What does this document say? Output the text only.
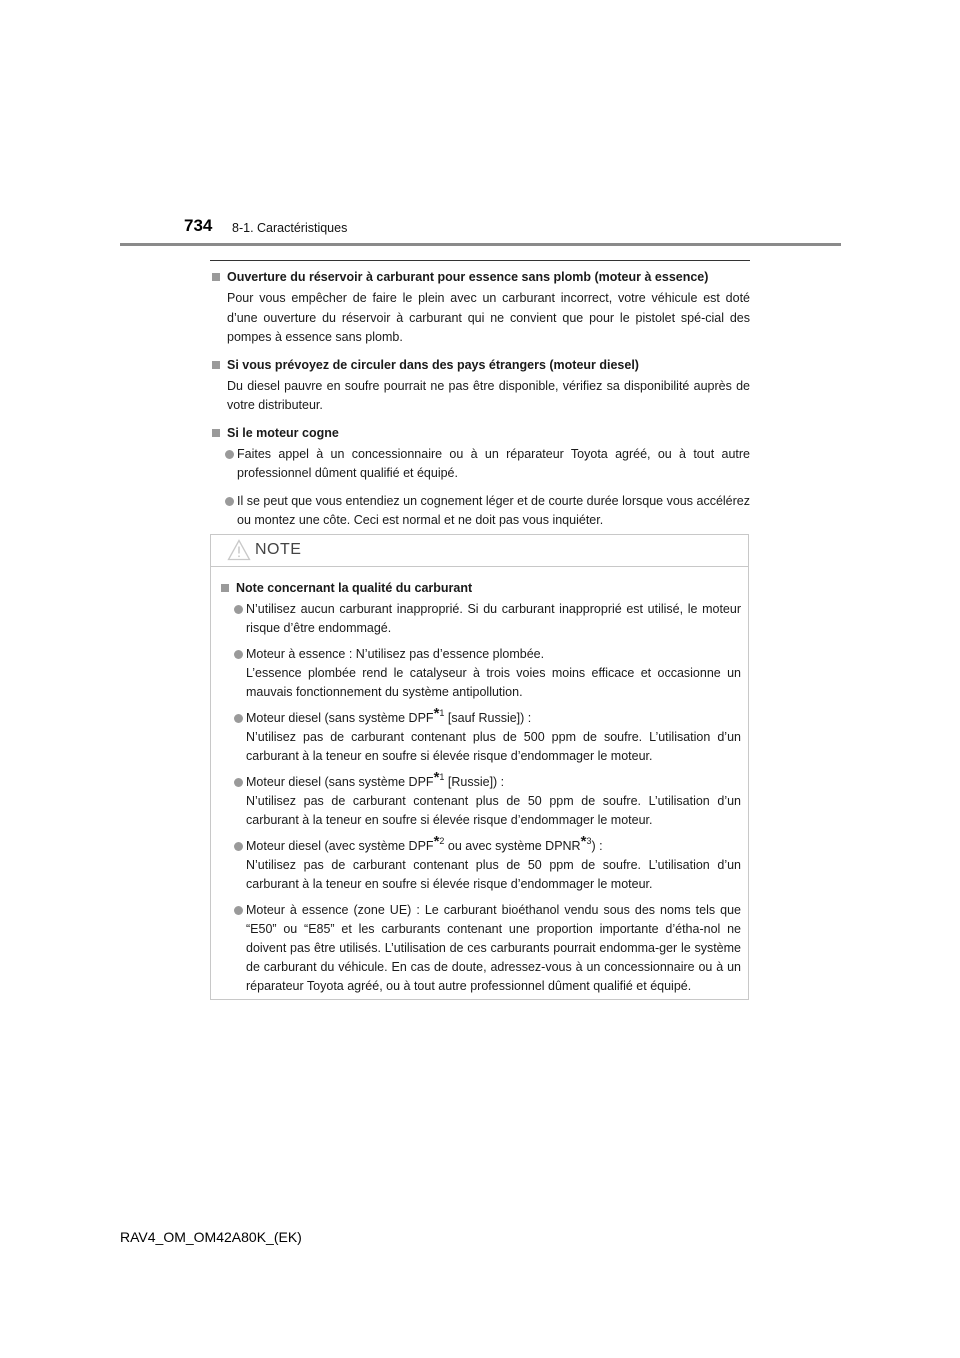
734 8-1. Caractéristiques
Ouverture du réservoir à carburant pour essence sans plomb (moteur à essence)
Pour vous empêcher de faire le plein avec un carburant incorrect, votre véhicule est doté d’une ouverture du réservoir à carburant qui ne convient que pour le pistolet spé-cial des pompes à essence sans plomb.
Si vous prévoyez de circuler dans des pays étrangers (moteur diesel)
Du diesel pauvre en soufre pourrait ne pas être disponible, vérifiez sa disponibilité auprès de votre distributeur.
Si le moteur cogne
Faites appel à un concessionnaire ou à un réparateur Toyota agréé, ou à tout autre professionnel dûment qualifié et équipé.
Il se peut que vous entendiez un cognement léger et de courte durée lorsque vous accélérez ou montez une côte. Ceci est normal et ne doit pas vous inquiéter.
NOTE
Note concernant la qualité du carburant
N’utilisez aucun carburant inapproprié. Si du carburant inapproprié est utilisé, le moteur risque d’être endommagé.
Moteur à essence : N’utilisez pas d’essence plombée.
L’essence plombée rend le catalyseur à trois voies moins efficace et occasionne un mauvais fonctionnement du système antipollution.
Moteur diesel (sans système DPF$^{*1}$ [sauf Russie]) :
N’utilisez pas de carburant contenant plus de 500 ppm de soufre. L’utilisation d’un carburant à la teneur en soufre si élevée risque d’endommager le moteur.
Moteur diesel (sans système DPF$^{*1}$ [Russie]) :
N’utilisez pas de carburant contenant plus de 50 ppm de soufre. L’utilisation d’un carburant à la teneur en soufre si élevée risque d’endommager le moteur.
Moteur diesel (avec système DPF$^{*2}$ ou avec système DPNR$^{*3}$) :
N’utilisez pas de carburant contenant plus de 50 ppm de soufre. L’utilisation d’un carburant à la teneur en soufre si élevée risque d’endommager le moteur.
Moteur à essence (zone UE) : Le carburant bioéthanol vendu sous des noms tels que “E50” ou “E85” et les carburants contenant une proportion importante d’étha-nol ne doivent pas être utilisés. L’utilisation de ces carburants pourrait endomma-ger le système de carburant du véhicule. En cas de doute, adressez-vous à un concessionnaire ou à un réparateur Toyota agréé, ou à tout autre professionnel dûment qualifié et équipé.
RAV4_OM_OM42A80K_(EK)
